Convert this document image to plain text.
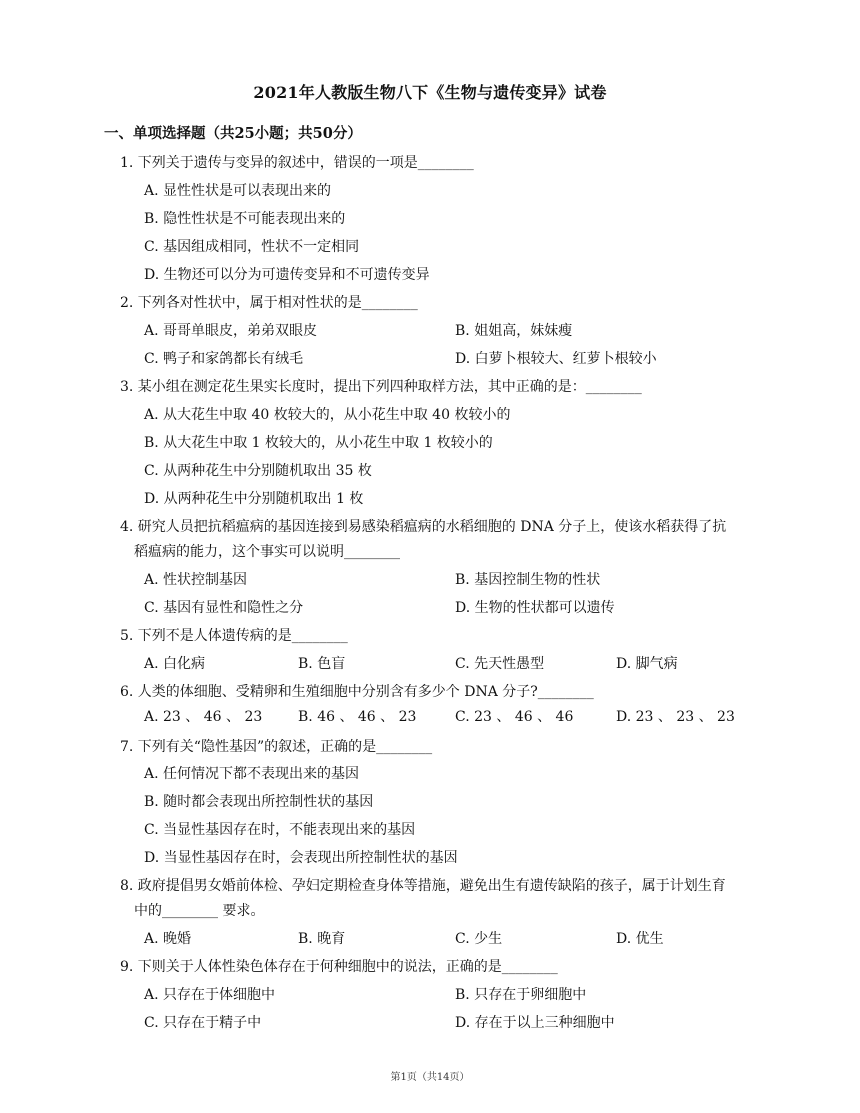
2021年人教版生物八下《生物与遗传变异》试卷
一、单项选择题（共25小题；共50分）
1. 下列关于遗传与变异的叙述中，错误的一项是________
A. 显性性状是可以表现出来的
B. 隐性性状是不可能表现出来的
C. 基因组成相同，性状不一定相同
D. 生物还可以分为可遗传变异和不可遗传变异
2. 下列各对性状中，属于相对性状的是________
A. 哥哥单眼皮，弟弟双眼皮	B. 姐姐高，妹妹瘦
C. 鸭子和家鸽都长有绒毛	D. 白萝卜根较大、红萝卜根较小
3. 某小组在测定花生果实长度时，提出下列四种取样方法，其中正确的是：________
A. 从大花生中取 40 枚较大的，从小花生中取 40 枚较小的
B. 从大花生中取 1 枚较大的，从小花生中取 1 枚较小的
C. 从两种花生中分别随机取出 35 枚
D. 从两种花生中分别随机取出 1 枚
4. 研究人员把抗稻瘟病的基因连接到易感染稻瘟病的水稻细胞的 DNA 分子上，使该水稻获得了抗
稻瘟病的能力，这个事实可以说明________
A. 性状控制基因	B. 基因控制生物的性状
C. 基因有显性和隐性之分	D. 生物的性状都可以遗传
5. 下列不是人体遗传病的是________
A. 白化病	B. 色盲	C. 先天性愚型	D. 脚气病
6. 人类的体细胞、受精卵和生殖细胞中分别含有多少个 DNA 分子?________
A. 23 、 46 、 23	B. 46 、 46 、 23	C. 23 、 46 、 46	D. 23 、 23 、 23
7. 下列有关“隐性基因”的叙述，正确的是________
A. 任何情况下都不表现出来的基因
B. 随时都会表现出所控制性状的基因
C. 当显性基因存在时，不能表现出来的基因
D. 当显性基因存在时，会表现出所控制性状的基因
8. 政府提倡男女婚前体检、孕妇定期检查身体等措施，避免出生有遗传缺陷的孩子，属于计划生育
中的________ 要求。
A. 晚婚	B. 晚育	C. 少生	D. 优生
9. 下则关于人体性染色体存在于何种细胞中的说法，正确的是________
A. 只存在于体细胞中	B. 只存在于卵细胞中
C. 只存在于精子中	D. 存在于以上三种细胞中
第1页（共14页）
